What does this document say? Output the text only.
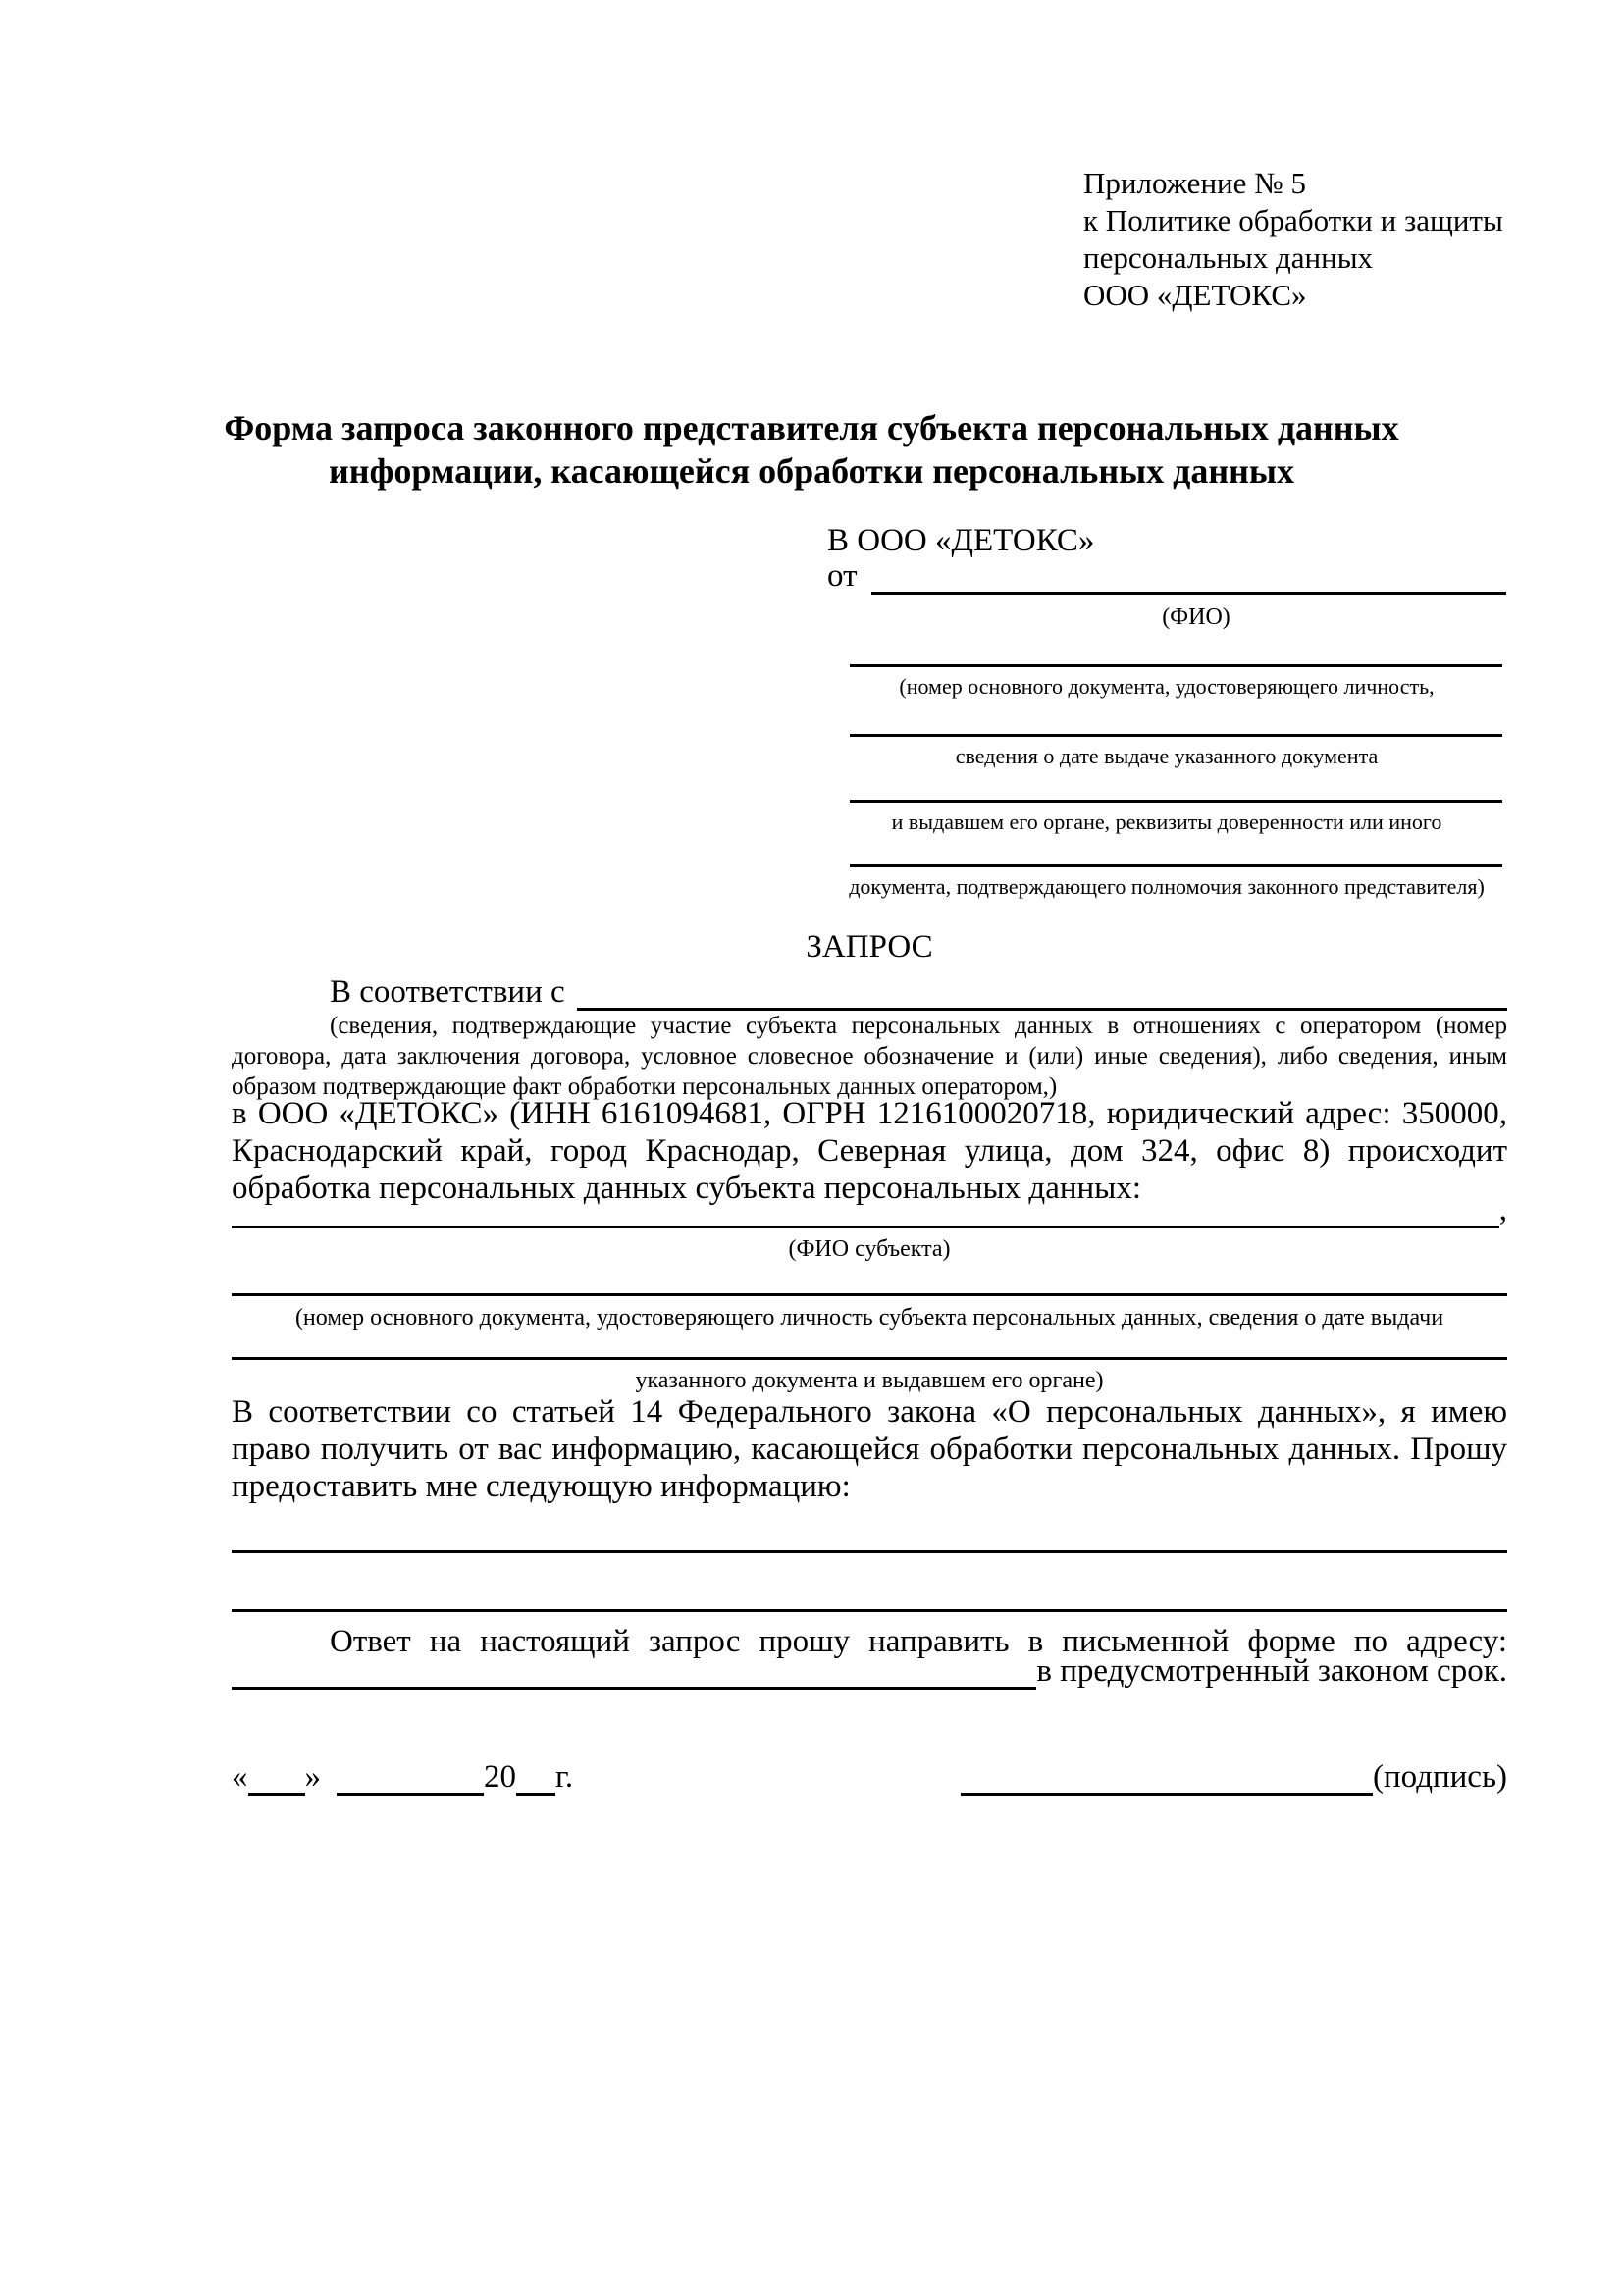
Приложение № 5
к Политике обработки и защиты
персональных данных
ООО «ДЕТОКС»
Форма запроса законного представителя субъекта персональных данных
информации, касающейся обработки персональных данных
В ООО «ДЕТОКС»
от
(ФИО)
(номер основного документа, удостоверяющего личность,
сведения о дате выдаче указанного документа
и выдавшем его органе, реквизиты доверенности или иного
документа, подтверждающего полномочия законного представителя)
ЗАПРОС
В соответствии с
(сведения, подтверждающие участие субъекта персональных данных в отношениях с оператором (номер договора, дата заключения договора, условное словесное обозначение и (или) иные сведения), либо сведения, иным образом подтверждающие факт обработки персональных данных оператором,)
в ООО «ДЕТОКС» (ИНН 6161094681, ОГРН 1216100020718, юридический адрес: 350000, Краснодарский край, город Краснодар, Северная улица, дом 324, офис 8) происходит обработка персональных данных субъекта персональных данных:
,
(ФИО субъекта)
(номер основного документа, удостоверяющего личность субъекта персональных данных, сведения о дате выдачи
указанного документа и выдавшем его органе)
В соответствии со статьей 14 Федерального закона «О персональных данных», я имею право получить от вас информацию, касающейся обработки персональных данных. Прошу предоставить мне следующую информацию:
Ответ на настоящий запрос прошу направить в письменной форме по адресу:
в предусмотренный законом срок.
« »	20 г.	(подпись)
